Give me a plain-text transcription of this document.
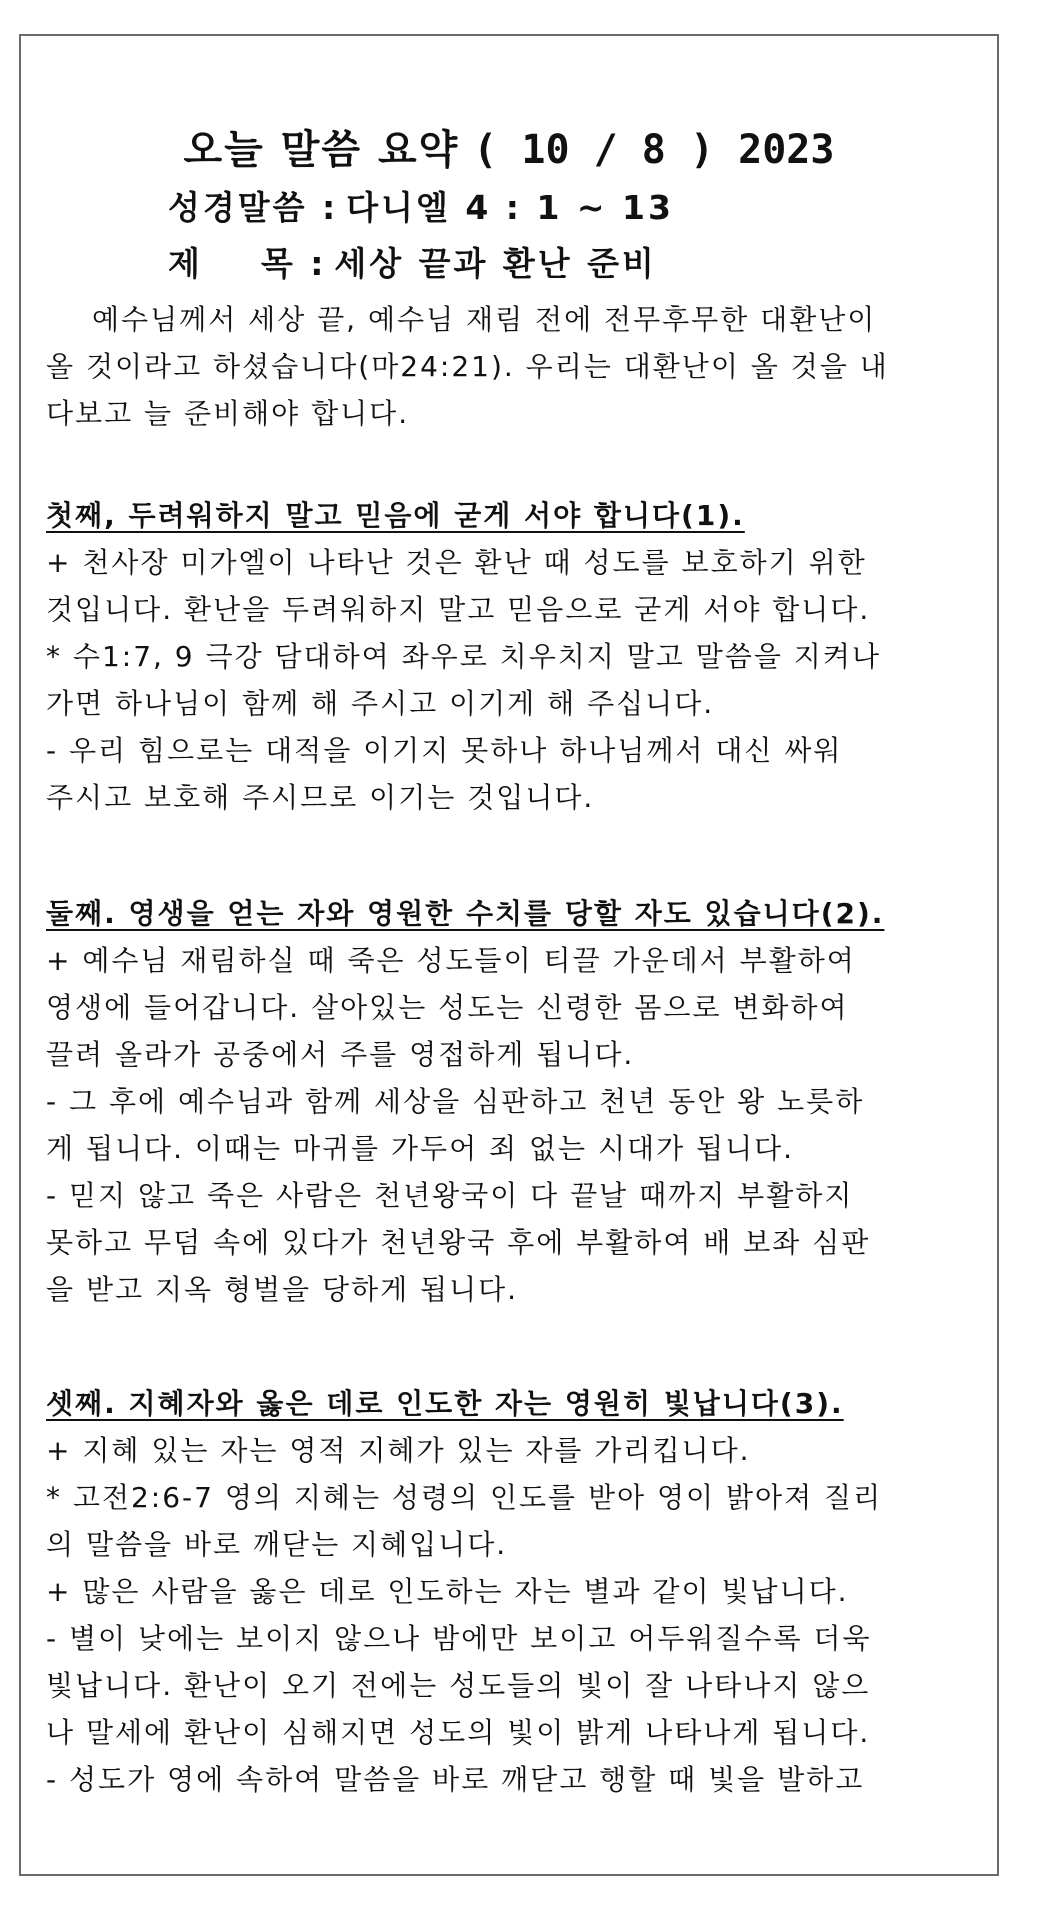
오늘 말씀 요약 ( 10 / 8 ) 2023
성경말씀 : 다니엘 4 : 1 ~ 13
제    목 : 세상 끝과 환난 준비
예수님께서 세상 끝, 예수님 재림 전에 전무후무한 대환난이
올 것이라고 하셨습니다(마24:21). 우리는 대환난이 올 것을 내
다보고 늘 준비해야 합니다.
첫째, 두려워하지 말고 믿음에 굳게 서야 합니다(1).
+ 천사장 미가엘이 나타난 것은 환난 때 성도를 보호하기 위한
것입니다. 환난을 두려워하지 말고 믿음으로 굳게 서야 합니다.
* 수1:7, 9 극강 담대하여 좌우로 치우치지 말고 말씀을 지켜나
가면 하나님이 함께 해 주시고 이기게 해 주십니다.
- 우리 힘으로는 대적을 이기지 못하나 하나님께서 대신 싸워
주시고 보호해 주시므로 이기는 것입니다.
둘째. 영생을 얻는 자와 영원한 수치를 당할 자도 있습니다(2).
+ 예수님 재림하실 때 죽은 성도들이 티끌 가운데서 부활하여
영생에 들어갑니다. 살아있는 성도는 신령한 몸으로 변화하여
끌려 올라가 공중에서 주를 영접하게 됩니다.
- 그 후에 예수님과 함께 세상을 심판하고 천년 동안 왕 노릇하
게 됩니다. 이때는 마귀를 가두어 죄 없는 시대가 됩니다.
- 믿지 않고 죽은 사람은 천년왕국이 다 끝날 때까지 부활하지
못하고 무덤 속에 있다가 천년왕국 후에 부활하여 배 보좌 심판
을 받고 지옥 형벌을 당하게 됩니다.
셋째. 지혜자와 옳은 데로 인도한 자는 영원히 빛납니다(3).
+ 지혜 있는 자는 영적 지혜가 있는 자를 가리킵니다.
* 고전2:6-7 영의 지혜는 성령의 인도를 받아 영이 밝아져 질리
의 말씀을 바로 깨닫는 지혜입니다.
+ 많은 사람을 옳은 데로 인도하는 자는 별과 같이 빛납니다.
- 별이 낮에는 보이지 않으나 밤에만 보이고 어두워질수록 더욱
빛납니다. 환난이 오기 전에는 성도들의 빛이 잘 나타나지 않으
나 말세에 환난이 심해지면 성도의 빛이 밝게 나타나게 됩니다.
- 성도가 영에 속하여 말씀을 바로 깨닫고 행할 때 빛을 발하고
